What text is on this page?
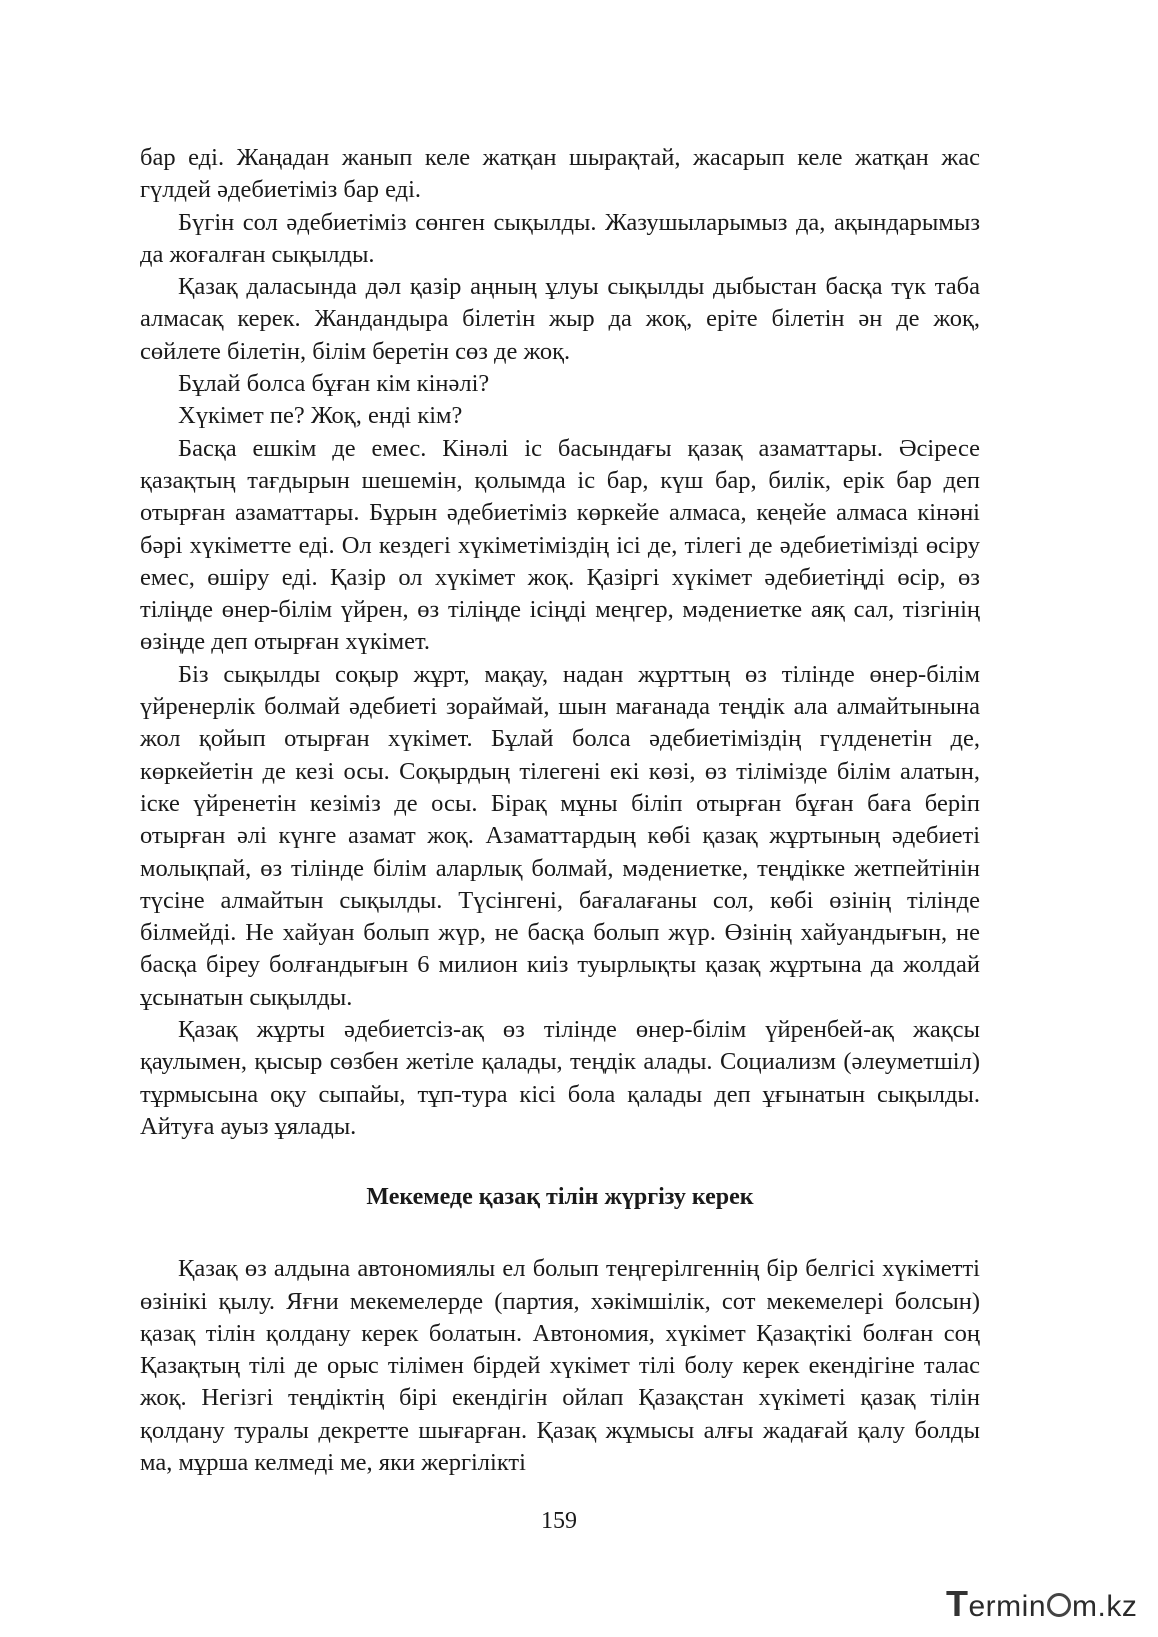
бар еді. Жаңадан жанып келе жатқан шырақтай, жасарып келе жатқан жас гүлдей әдебиетіміз бар еді.

Бүгін сол әдебиетіміз сөнген сықылды. Жазушыларымыз да, ақындарымыз да жоғалған сықылды.

Қазақ даласында дәл қазір аңның ұлуы сықылды дыбыстан басқа түк таба алмасақ керек. Жандандыра білетін жыр да жоқ, еріте білетін ән де жоқ, сөйлете білетін, білім беретін сөз де жоқ.

Бұлай болса бұған кім кінәлі?

Хүкімет пе? Жоқ, енді кім?

Басқа ешкім де емес. Кінәлі іс басындағы қазақ азаматтары. Әсіресе қазақтың тағдырын шешемін, қолымда іс бар, күш бар, билік, ерік бар деп отырған азаматтары. Бұрын әдебиетіміз көркейе алмаса, кеңейе алмаса кінәні бәрі хүкіметте еді. Ол кездегі хүкіметіміздің ісі де, тілегі де әдебиетімізді өсіру емес, өшіру еді. Қазір ол хүкімет жоқ. Қазіргі хүкімет әдебиетіңді өсір, өз тіліңде өнер-білім үйрен, өз тіліңде ісіңді меңгер, мәдениетке аяқ сал, тізгінің өзіңде деп отырған хүкімет.

Біз сықылды соқыр жұрт, мақау, надан жұрттың өз тілінде өнер-білім үйренерлік болмай әдебиеті зораймай, шын мағанада теңдік ала алмайтынына жол қойып отырған хүкімет. Бұлай болса әдебиетіміздің гүлденетін де, көркейетін де кезі осы. Соқырдың тілегені екі көзі, өз тілімізде білім алатын, іске үйренетін кезіміз де осы. Бірақ мұны біліп отырған бұған баға беріп отырған әлі күнге азамат жоқ. Азаматтардың көбі қазақ жұртының әдебиеті молықпай, өз тілінде білім аларлық болмай, мәдениетке, теңдікке жетпейтінін түсіне алмайтын сықылды. Түсінгені, бағалағаны сол, көбі өзінің тілінде білмейді. Не хайуан болып жүр, не басқа болып жүр. Өзінің хайуандығын, не басқа біреу болғандығын 6 милион киіз туырлықты қазақ жұртына да жолдай ұсынатын сықылды.

Қазақ жұрты әдебиетсіз-ақ өз тілінде өнер-білім үйренбей-ақ жақсы қаулымен, қысыр сөзбен жетіле қалады, теңдік алады. Социализм (әлеуметшіл) тұрмысына оқу сыпайы, тұп-тура кісі бола қалады деп ұғынатын сықылды. Айтуға ауыз ұялады.

Мекемеде қазақ тілін жүргізу керек

Қазақ өз алдына автономиялы ел болып теңгерілгеннің бір белгісі хүкіметті өзінікі қылу. Яғни мекемелерде (партия, хәкімшілік, сот мекемелері болсын) қазақ тілін қолдану керек болатын. Автономия, хүкімет Қазақтікі болған соң Қазақтың тілі де орыс тілімен бірдей хүкімет тілі болу керек екендігіне талас жоқ. Негізгі теңдіктің бірі екендігін ойлап Қазақстан хүкіметі қазақ тілін қолдану туралы декретте шығарған. Қазақ жұмысы алғы жадағай қалу болды ма, мұрша келмеді ме, яки жергілікті

159
Termin m.kz
